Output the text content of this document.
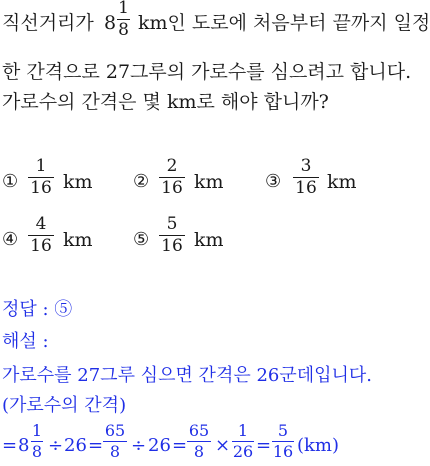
직선거리가 8
1
8 km인 도로에 처음부터 끝까지 일정
한 간격으로 27그루의 가로수를 심으려고 합니다.
가로수의 간격은 몇 km로 해야 합니까?
①
1
16 km ②
2
16 km ③
3
16 km
④
4
16 km ⑤
5
16 km
정답 : ⑤
해설 :
가로수를 27그루 심으면 간격은 26군데입니다.
(가로수의 간격)
= 8
1
8 ÷ 26 =
65
8 ÷ 26 =
65
8 ×
1
26 =
5
16 (km)
